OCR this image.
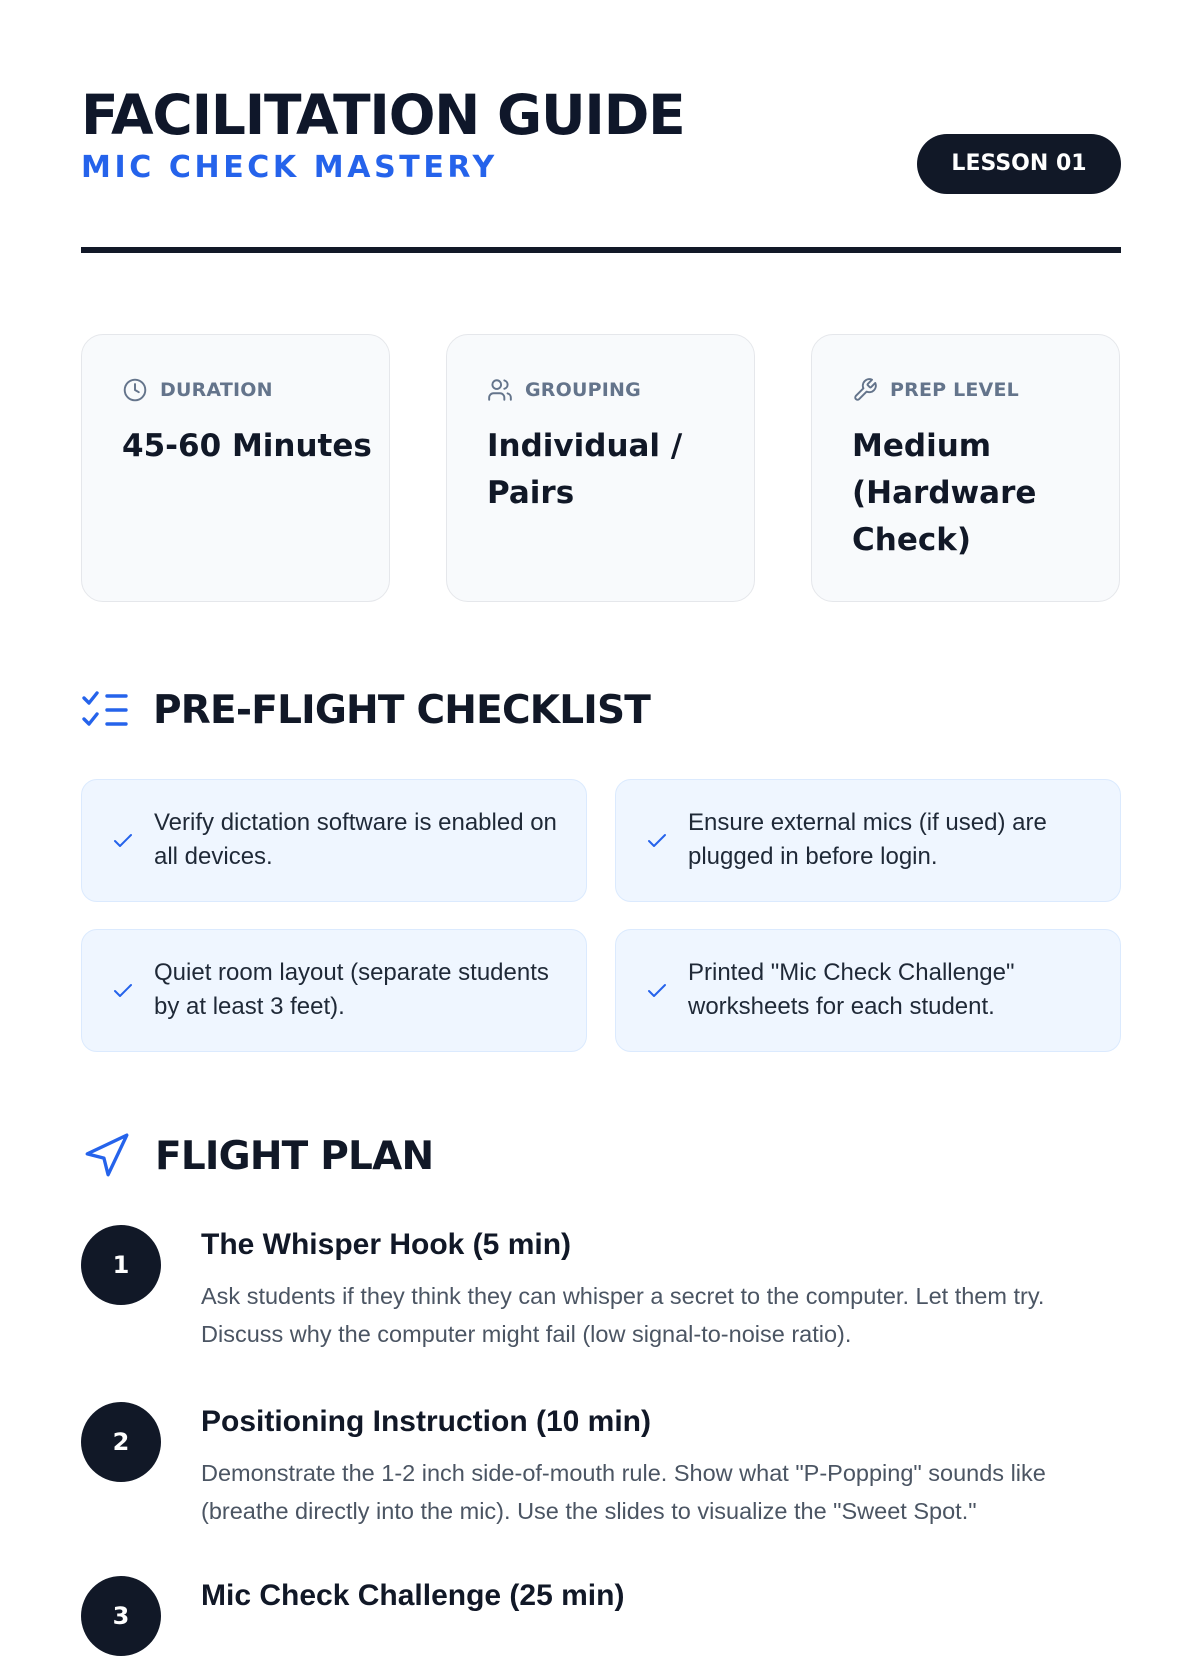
FACILITATION GUIDE
MIC CHECK MASTERY	LESSON 01
DURATION
45-60 Minutes
GROUPING
Individual / Pairs
PREP LEVEL
Medium (Hardware Check)
PRE-FLIGHT CHECKLIST
Verify dictation software is enabled on all devices.
Ensure external mics (if used) are plugged in before login.
Quiet room layout (separate students by at least 3 feet).
Printed "Mic Check Challenge" worksheets for each student.
FLIGHT PLAN
1
The Whisper Hook (5 min)
Ask students if they think they can whisper a secret to the computer. Let them try. Discuss why the computer might fail (low signal-to-noise ratio).
2
Positioning Instruction (10 min)
Demonstrate the 1-2 inch side-of-mouth rule. Show what "P-Popping" sounds like (breathe directly into the mic). Use the slides to visualize the "Sweet Spot."
3
Mic Check Challenge (25 min)
